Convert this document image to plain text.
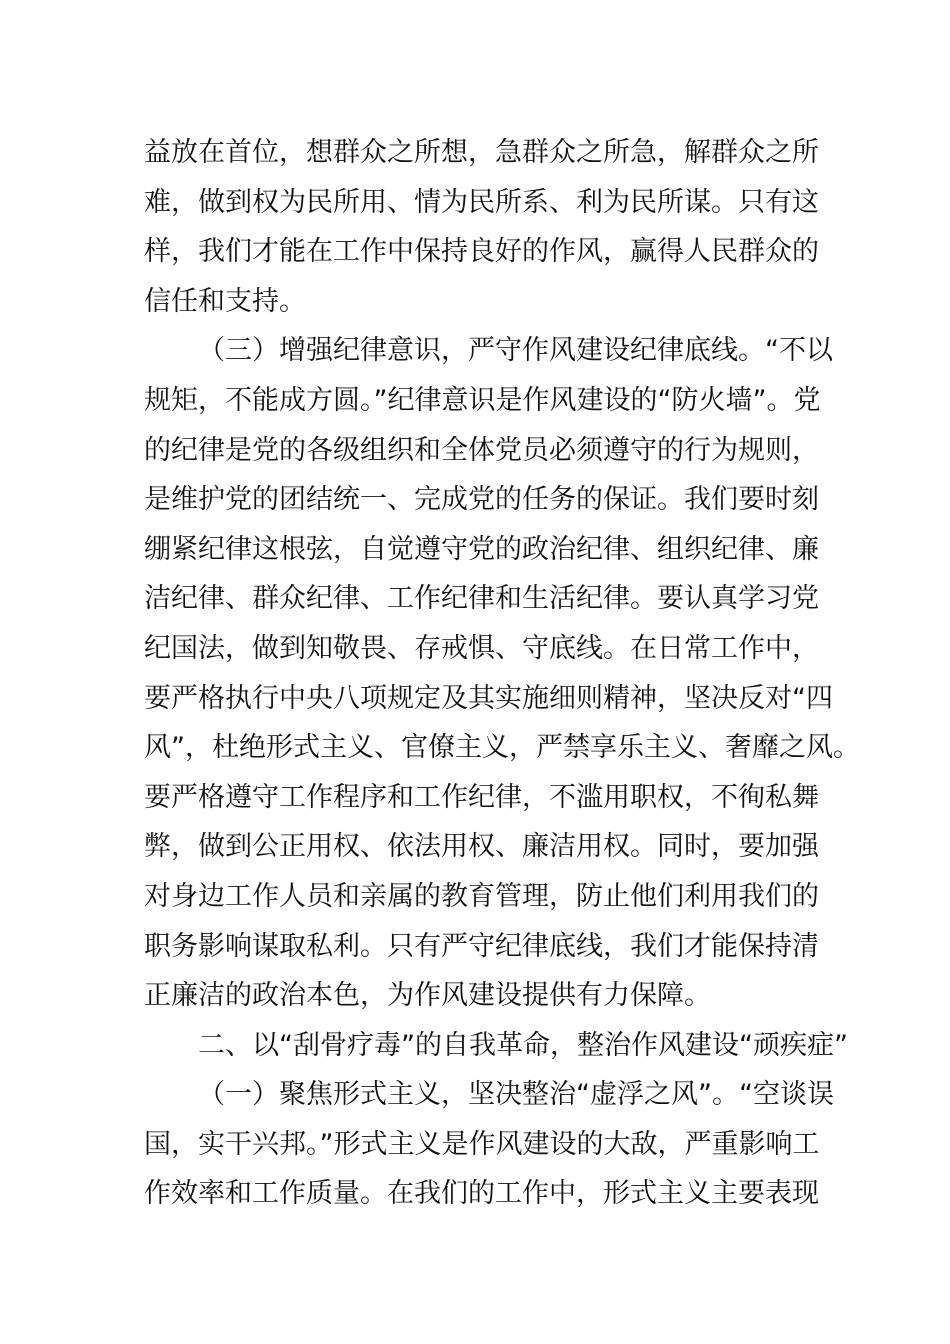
益放在首位，想群众之所想，急群众之所急，解群众之所
难，做到权为民所用、情为民所系、利为民所谋。只有这
样，我们才能在工作中保持良好的作风，赢得人民群众的
信任和支持。
（三）增强纪律意识，严守作风建设纪律底线。“不以
规矩，不能成方圆。”纪律意识是作风建设的“防火墙”。党
的纪律是党的各级组织和全体党员必须遵守的行为规则，
是维护党的团结统一、完成党的任务的保证。我们要时刻
绷紧纪律这根弦，自觉遵守党的政治纪律、组织纪律、廉
洁纪律、群众纪律、工作纪律和生活纪律。要认真学习党
纪国法，做到知敬畏、存戒惧、守底线。在日常工作中，
要严格执行中央八项规定及其实施细则精神，坚决反对“四
风”，杜绝形式主义、官僚主义，严禁享乐主义、奢靡之风。
要严格遵守工作程序和工作纪律，不滥用职权，不徇私舞
弊，做到公正用权、依法用权、廉洁用权。同时，要加强
对身边工作人员和亲属的教育管理，防止他们利用我们的
职务影响谋取私利。只有严守纪律底线，我们才能保持清
正廉洁的政治本色，为作风建设提供有力保障。
二、以“刮骨疗毒”的自我革命，整治作风建设“顽疾症”
（一）聚焦形式主义，坚决整治“虚浮之风”。“空谈误
国，实干兴邦。”形式主义是作风建设的大敌，严重影响工
作效率和工作质量。在我们的工作中，形式主义主要表现
